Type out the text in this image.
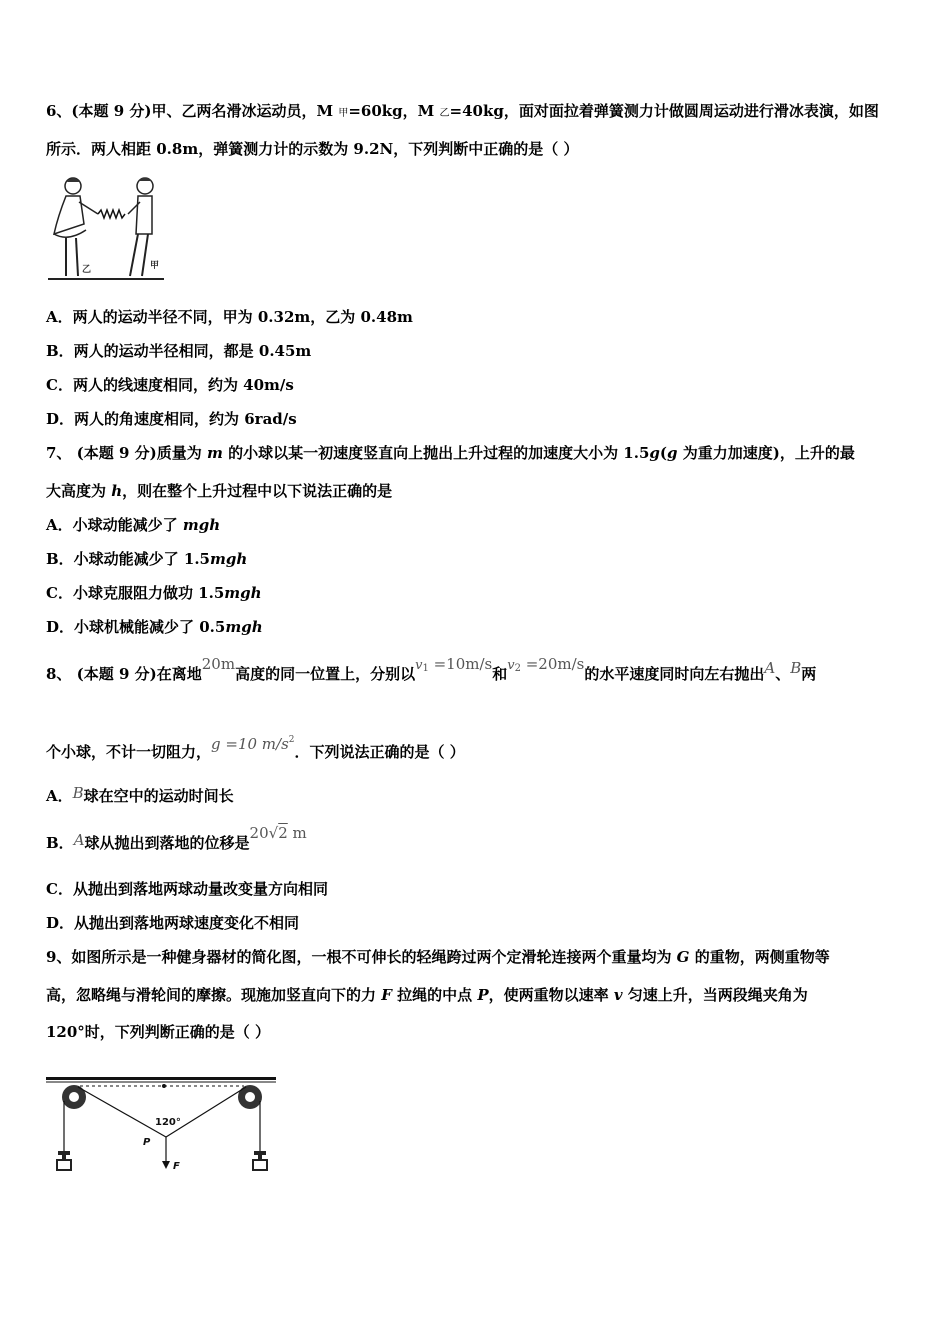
6、(本题 9 分)甲、乙两名滑冰运动员，M 甲=60kg，M 乙=40kg，面对面拉着弹簧测力计做圆周运动进行滑冰表演，如图
所示．两人相距 0.8m，弹簧测力计的示数为 9.2N，下列判断中正确的是（ ）
乙	甲
A．两人的运动半径不同，甲为 0.32m，乙为 0.48m
B．两人的运动半径相同，都是 0.45m
C．两人的线速度相同，约为 40m/s
D．两人的角速度相同，约为 6rad/s
7、 (本题 9 分)质量为 m 的小球以某一初速度竖直向上抛出上升过程的加速度大小为 1.5g(g 为重力加速度)，上升的最
大高度为 h，则在整个上升过程中以下说法正确的是
A．小球动能减少了 mgh
B．小球动能减少了 1.5mgh
C．小球克服阻力做功 1.5mgh
D．小球机械能减少了 0.5mgh
8、 (本题 9 分)在离地20m高度的同一位置上，分别以$v^1 =10m/s$和$v^2 =20m/s$的水平速度同时向左右抛出A、B两
个小球，不计一切阻力，g =10 $m/s^2$．下列说法正确的是（ ）
A．B球在空中的运动时间长
B．A球从抛出到落地的位移是20√2 m
C．从抛出到落地两球动量改变量方向相同
D．从抛出到落地两球速度变化不相同
9、如图所示是一种健身器材的简化图，一根不可伸长的轻绳跨过两个定滑轮连接两个重量均为 G 的重物，两侧重物等
高，忽略绳与滑轮间的摩擦。现施加竖直向下的力 F 拉绳的中点 P，使两重物以速率 v 匀速上升，当两段绳夹角为
120°时，下列判断正确的是（ ）
120°
P
F
